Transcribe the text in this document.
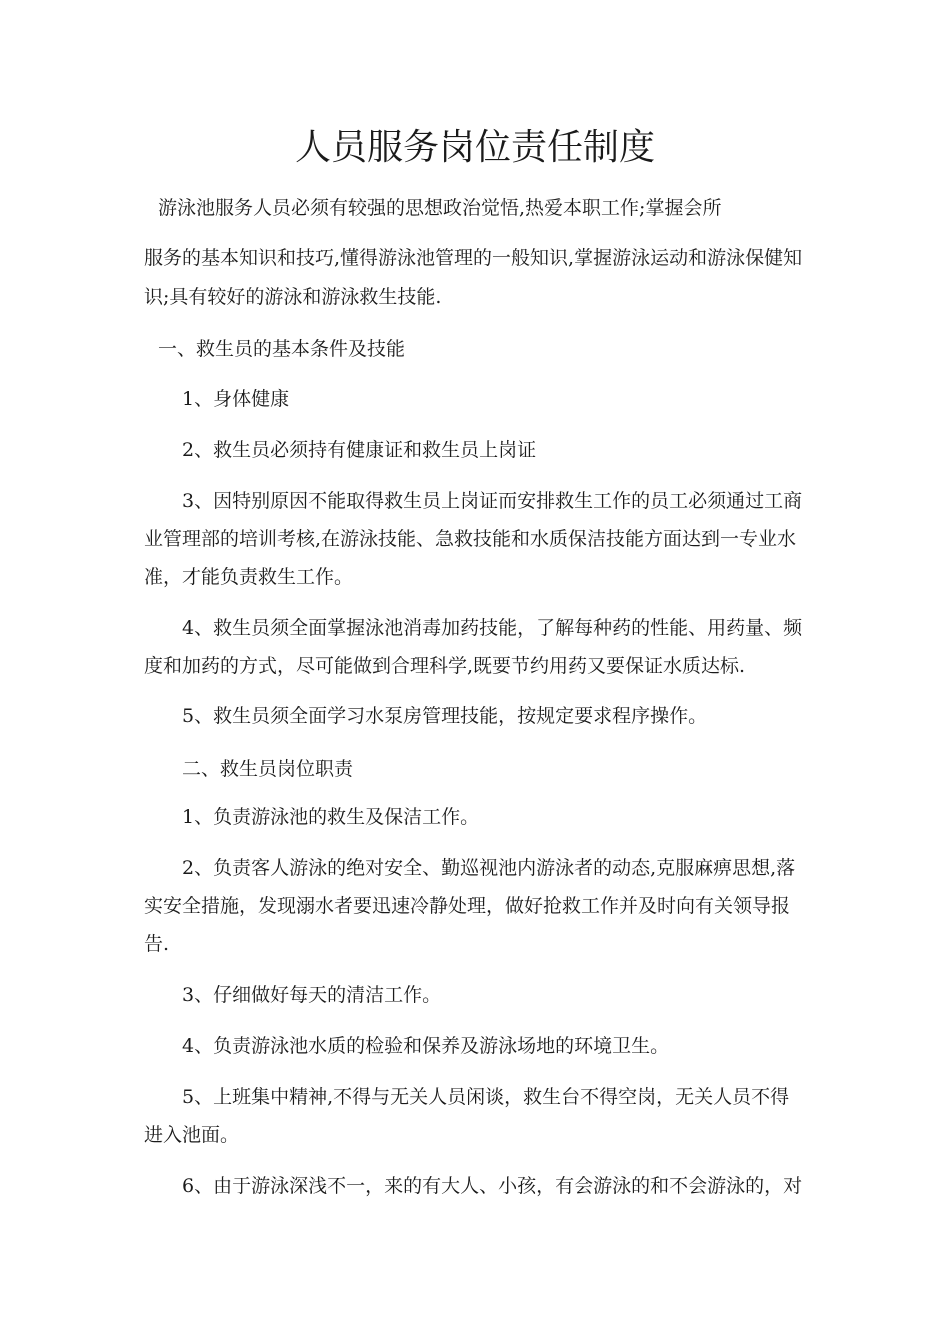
人员服务岗位责任制度
游泳池服务人员必须有较强的思想政治觉悟,热爱本职工作;掌握会所
服务的基本知识和技巧,懂得游泳池管理的一般知识,掌握游泳运动和游泳保健知
识;具有较好的游泳和游泳救生技能.
一、救生员的基本条件及技能
1、身体健康
2、救生员必须持有健康证和救生员上岗证
3、因特别原因不能取得救生员上岗证而安排救生工作的员工必须通过工商
业管理部的培训考核,在游泳技能、急救技能和水质保洁技能方面达到一专业水
准，才能负责救生工作。
4、救生员须全面掌握泳池消毒加药技能，了解每种药的性能、用药量、频
度和加药的方式，尽可能做到合理科学,既要节约用药又要保证水质达标.
5、救生员须全面学习水泵房管理技能，按规定要求程序操作。
二、救生员岗位职责
1、负责游泳池的救生及保洁工作。
2、负责客人游泳的绝对安全、勤巡视池内游泳者的动态,克服麻痹思想,落
实安全措施，发现溺水者要迅速冷静处理，做好抢救工作并及时向有关领导报
告.
3、仔细做好每天的清洁工作。
4、负责游泳池水质的检验和保养及游泳场地的环境卫生。
5、上班集中精神,不得与无关人员闲谈，救生台不得空岗，无关人员不得
进入池面。
6、由于游泳深浅不一，来的有大人、小孩，有会游泳的和不会游泳的，对
